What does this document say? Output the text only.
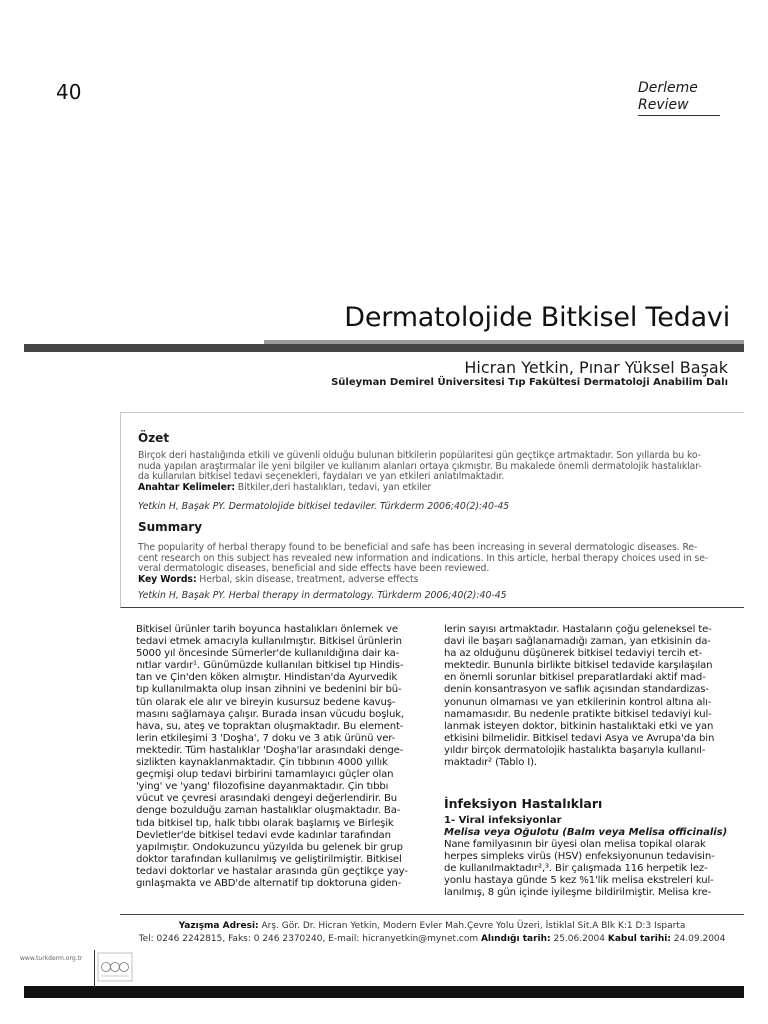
40	Derleme
Review
Dermatolojide Bitkisel Tedavi
Hicran Yetkin, Pınar Yüksel Başak
Süleyman Demirel Üniversitesi Tıp Fakültesi Dermatoloji Anabilim Dalı
Özet
Birçok deri hastalığında etkili ve güvenli olduğu bulunan bitkilerin popülaritesi gün geçtikçe artmaktadır. Son yıllarda bu ko-
nuda yapılan araştırmalar ile yeni bilgiler ve kullanım alanları ortaya çıkmıştır. Bu makalede önemli dermatolojik hastalıklar-
da kullanılan bitkisel tedavi seçenekleri, faydaları ve yan etkileri anlatılmaktadır.
Anahtar Kelimeler: Bitkiler,deri hastalıkları, tedavi, yan etkiler
Yetkin H, Başak PY. Dermatolojide bitkisel tedaviler. Türkderm 2006;40(2):40-45
Summary
The popularity of herbal therapy found to be beneficial and safe has been increasing in several dermatologic diseases. Re-
cent research on this subject has revealed new information and indications. In this article, herbal therapy choices used in se-
veral dermatologic diseases, beneficial and side effects have been reviewed.
Key Words: Herbal, skin disease, treatment, adverse effects
Yetkin H, Başak PY. Herbal therapy in dermatology. Türkderm 2006;40(2):40-45

Bitkisel ürünler tarih boyunca hastalıkları önlemek ve

tedavi etmek amacıyla kullanılmıştır. Bitkisel ürünlerin

5000 yıl öncesinde Sümerler'de kullanıldığına dair ka-

nıtlar vardır¹. Günümüzde kullanılan bitkisel tıp Hindis-

tan ve Çin'den köken almıştır. Hindistan'da Ayurvedik

tıp kullanılmakta olup insan zihnini ve bedenini bir bü-

tün olarak ele alır ve bireyin kusursuz bedene kavuş-

masını sağlamaya çalışır. Burada insan vücudu boşluk,

hava, su, ateş ve topraktan oluşmaktadır. Bu element-

lerin etkileşimi 3 'Doşha', 7 doku ve 3 atık ürünü ver-

mektedir. Tüm hastalıklar 'Doşha'lar arasındaki denge-

sizlikten kaynaklanmaktadır. Çin tıbbının 4000 yıllık

geçmişi olup tedavi birbirini tamamlayıcı güçler olan

'ying' ve 'yang' filozofisine dayanmaktadır. Çin tıbbı

vücut ve çevresi arasındaki dengeyi değerlendirir. Bu

denge bozulduğu zaman hastalıklar oluşmaktadır. Ba-

tıda bitkisel tıp, halk tıbbı olarak başlamış ve Birleşik

Devletler'de bitkisel tedavi evde kadınlar tarafından

yapılmıştır. Ondokuzuncu yüzyılda bu gelenek bir grup

doktor tarafından kullanılmış ve geliştirilmiştir. Bitkisel

tedavi doktorlar ve hastalar arasında gün geçtikçe yay-

gınlaşmakta ve ABD'de alternatif tıp doktoruna giden-

lerin sayısı artmaktadır. Hastaların çoğu geleneksel te-

davi ile başarı sağlanamadığı zaman, yan etkisinin da-

ha az olduğunu düşünerek bitkisel tedaviyi tercih et-

mektedir. Bununla birlikte bitkisel tedavide karşılaşılan

en önemli sorunlar bitkisel preparatlardaki aktif mad-

denin konsantrasyon ve saflık açısından standardizas-

yonunun olmaması ve yan etkilerinin kontrol altına alı-

namamasıdır. Bu nedenle pratikte bitkisel tedaviyi kul-

lanmak isteyen doktor, bitkinin hastalıktaki etki ve yan

etkisini bilmelidir. Bitkisel tedavi Asya ve Avrupa'da bin

yıldır birçok dermatolojik hastalıkta başarıyla kullanıl-

maktadır² (Tablo I).

İnfeksiyon Hastalıkları
1- Viral infeksiyonlar
Melisa veya Oğulotu (Balm veya Melisa officinalis)

Nane familyasının bir üyesi olan melisa topikal olarak

herpes simpleks virüs (HSV) enfeksiyonunun tedavisin-

de kullanılmaktadır²,³. Bir çalışmada 116 herpetik lez-

yonlu hastaya günde 5 kez %1'lik melisa ekstreleri kul-

lanılmış, 8 gün içinde iyileşme bildirilmiştir. Melisa kre-

Yazışma Adresi: Arş. Gör. Dr. Hicran Yetkin, Modern Evler Mah.Çevre Yolu Üzeri, İstiklal Sit.A Blk K:1 D:3 Isparta
Tel: 0246 2242815, Faks: 0 246 2370240, E-mail: hicranyetkin@mynet.com Alındığı tarih: 25.06.2004 Kabul tarihi: 24.09.2004
www.turkderm.org.tr
